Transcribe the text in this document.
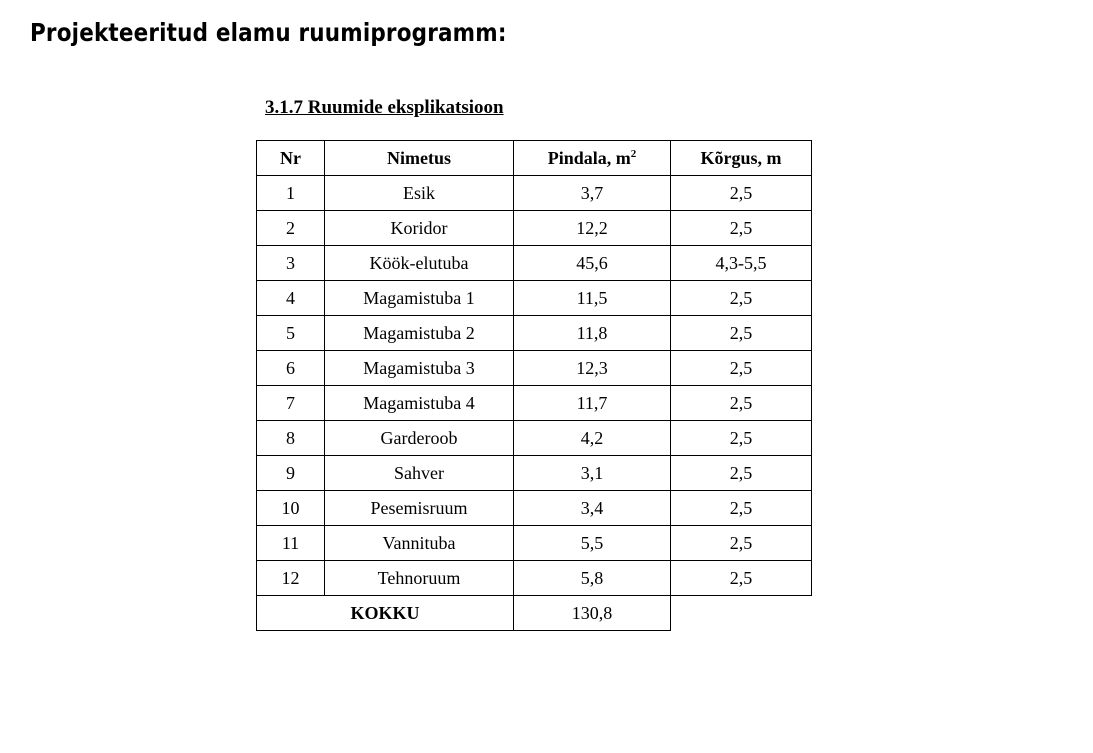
Projekteeritud elamu ruumiprogramm:
3.1.7 Ruumide eksplikatsioon
Nr	Nimetus	Pindala, $m^2$	Kõrgus, m
1	Esik	3,7	2,5
2	Koridor	12,2	2,5
3	Köök-elutuba	45,6	4,3-5,5
4	Magamistuba 1	11,5	2,5
5	Magamistuba 2	11,8	2,5
6	Magamistuba 3	12,3	2,5
7	Magamistuba 4	11,7	2,5
8	Garderoob	4,2	2,5
9	Sahver	3,1	2,5
10	Pesemisruum	3,4	2,5
11	Vannituba	5,5	2,5
12	Tehnoruum	5,8	2,5
KOKKU		130,8	
